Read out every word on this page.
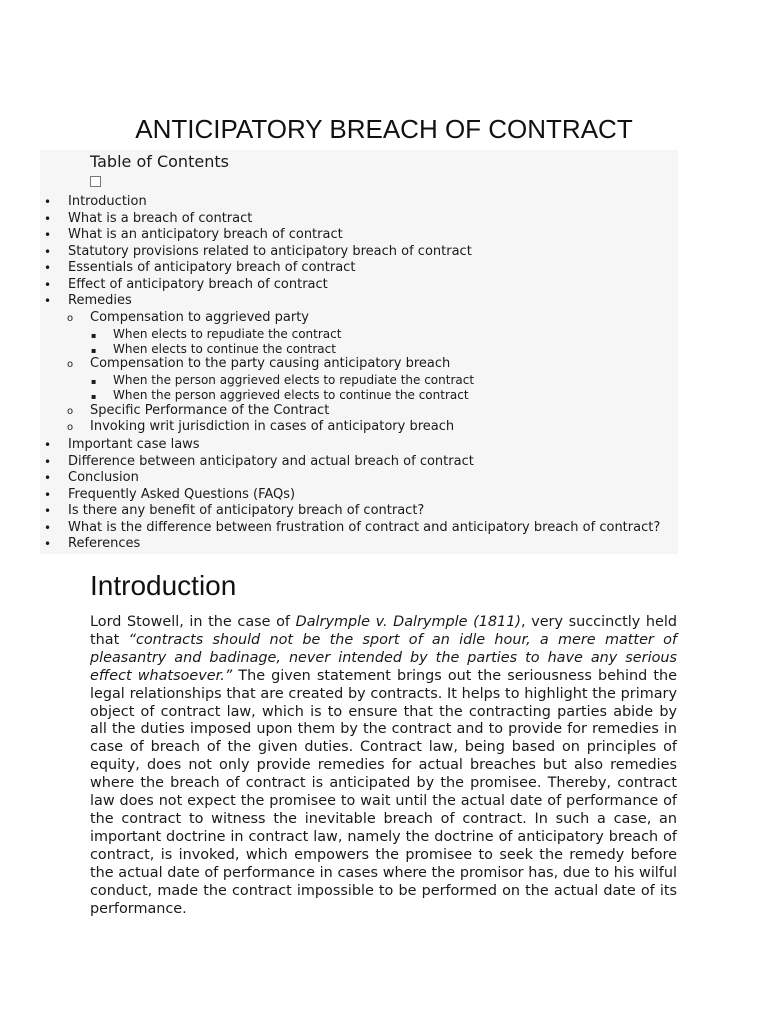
ANTICIPATORY BREACH OF CONTRACT
Table of Contents
• Introduction
• What is a breach of contract
• What is an anticipatory breach of contract
• Statutory provisions related to anticipatory breach of contract
• Essentials of anticipatory breach of contract
• Effect of anticipatory breach of contract
• Remedies
o Compensation to aggrieved party
▪ When elects to repudiate the contract
▪ When elects to continue the contract
o Compensation to the party causing anticipatory breach
▪ When the person aggrieved elects to repudiate the contract
▪ When the person aggrieved elects to continue the contract
o Specific Performance of the Contract
o Invoking writ jurisdiction in cases of anticipatory breach
• Important case laws
• Difference between anticipatory and actual breach of contract
• Conclusion
• Frequently Asked Questions (FAQs)
• Is there any benefit of anticipatory breach of contract?
• What is the difference between frustration of contract and anticipatory breach of contract?
• References
Introduction

Lord Stowell, in the case of Dalrymple v. Dalrymple (1811), very succinctly held that “contracts should not be the sport of an idle hour, a mere matter of pleasantry and badinage, never intended by the parties to have any serious effect whatsoever.” The given statement brings out the seriousness behind the legal relationships that are created by contracts. It helps to highlight the primary object of contract law, which is to ensure that the contracting parties abide by all the duties imposed upon them by the contract and to provide for remedies in case of breach of the given duties. Contract law, being based on principles of equity, does not only provide remedies for actual breaches but also remedies where the breach of contract is anticipated by the promisee. Thereby, contract law does not expect the promisee to wait until the actual date of performance of the contract to witness the inevitable breach of contract. In such a case, an important doctrine in contract law, namely the doctrine of anticipatory breach of contract, is invoked, which empowers the promisee to seek the remedy before the actual date of performance in cases where the promisor has, due to his wilful conduct, made the contract impossible to be performed on the actual date of its performance.
